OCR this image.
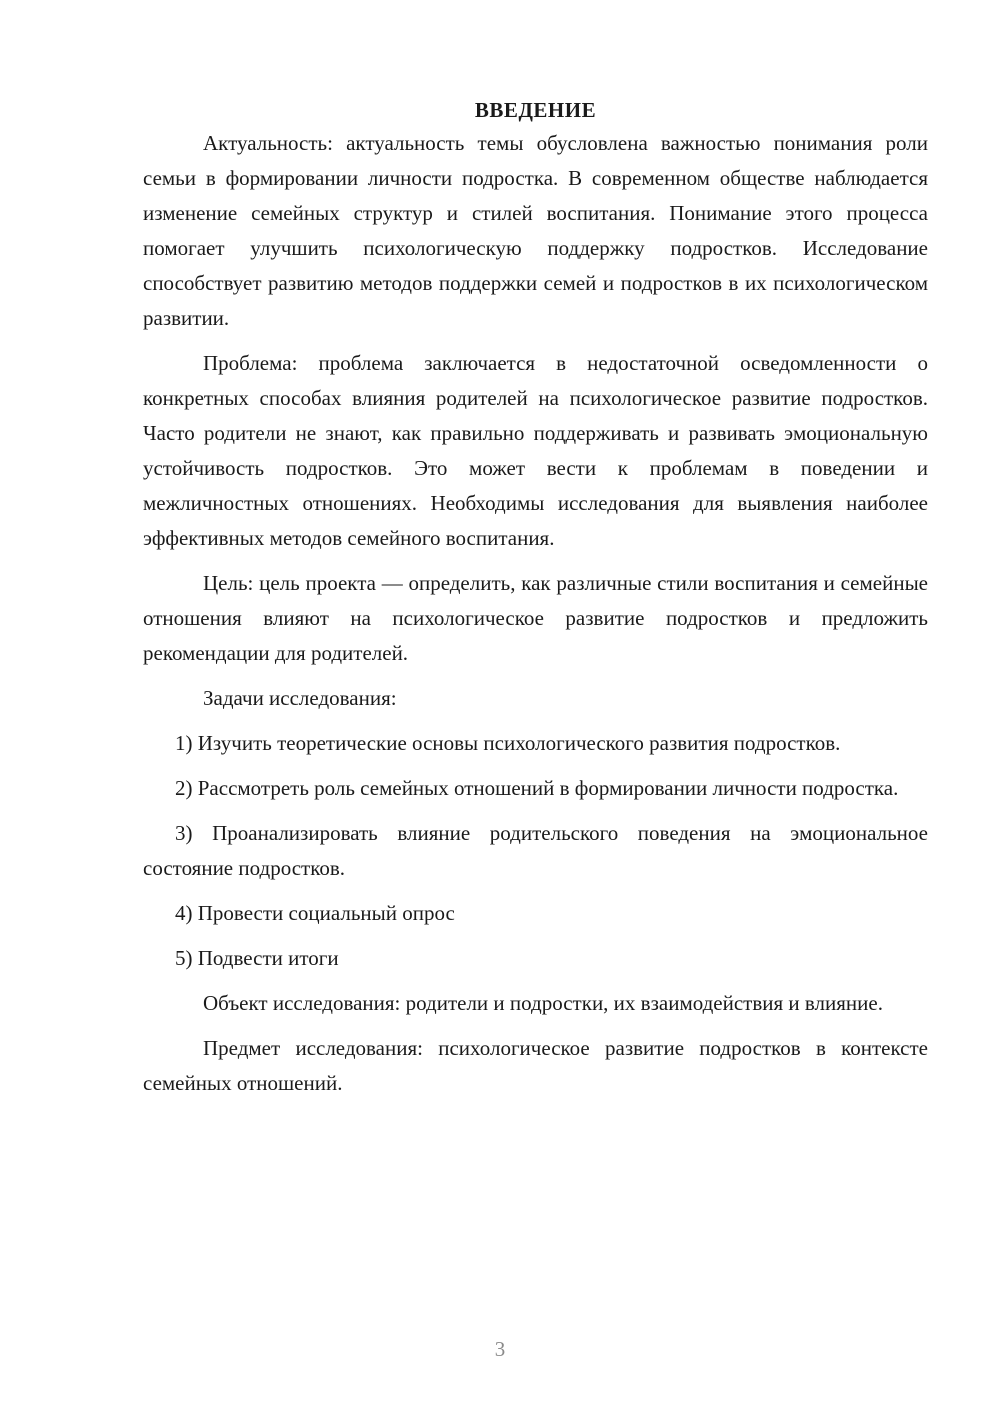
ВВЕДЕНИЕ

Актуальность: актуальность темы обусловлена важностью понимания роли семьи в формировании личности подростка. В современном обществе наблюдается изменение семейных структур и стилей воспитания. Понимание этого процесса помогает улучшить психологическую поддержку подростков. Исследование способствует развитию методов поддержки семей и подростков в их психологическом развитии.

Проблема: проблема заключается в недостаточной осведомленности о конкретных способах влияния родителей на психологическое развитие подростков. Часто родители не знают, как правильно поддерживать и развивать эмоциональную устойчивость подростков. Это может вести к проблемам в поведении и межличностных отношениях. Необходимы исследования для выявления наиболее эффективных методов семейного воспитания.

Цель: цель проекта — определить, как различные стили воспитания и семейные отношения влияют на психологическое развитие подростков и предложить рекомендации для родителей.

Задачи исследования:

1) Изучить теоретические основы психологического развития подростков.

2) Рассмотреть роль семейных отношений в формировании личности подростка.

3) Проанализировать влияние родительского поведения на эмоциональное состояние подростков.

4) Провести социальный опрос

5) Подвести итоги

Объект исследования: родители и подростки, их взаимодействия и влияние.

Предмет исследования: психологическое развитие подростков в контексте семейных отношений.

3
